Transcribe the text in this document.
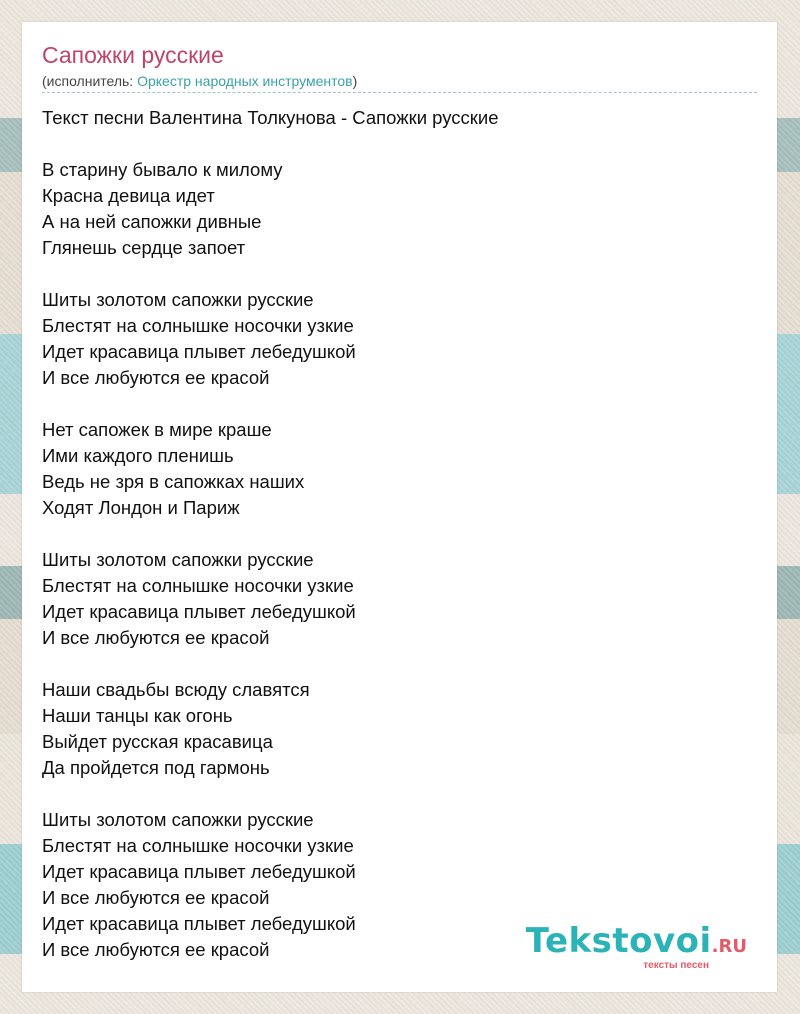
Сапожки русские
(исполнитель: Оркестр народных инструментов)
Текст песни Валентина Толкунова - Сапожки русские
В старину бывало к милому
Красна девица идет
А на ней сапожки дивные
Глянешь сердце запоет
Шиты золотом сапожки русские
Блестят на солнышке носочки узкие
Идет красавица плывет лебедушкой
И все любуются ее красой
Нет сапожек в мире краше
Ими каждого пленишь
Ведь не зря в сапожках наших
Ходят Лондон и Париж
Шиты золотом сапожки русские
Блестят на солнышке носочки узкие
Идет красавица плывет лебедушкой
И все любуются ее красой
Наши свадьбы всюду славятся
Наши танцы как огонь
Выйдет русская красавица
Да пройдется под гармонь
Шиты золотом сапожки русские
Блестят на солнышке носочки узкие
Идет красавица плывет лебедушкой
И все любуются ее красой
Идет красавица плывет лебедушкой
И все любуются ее красой	Tekstovoi.RU
тексты песен
